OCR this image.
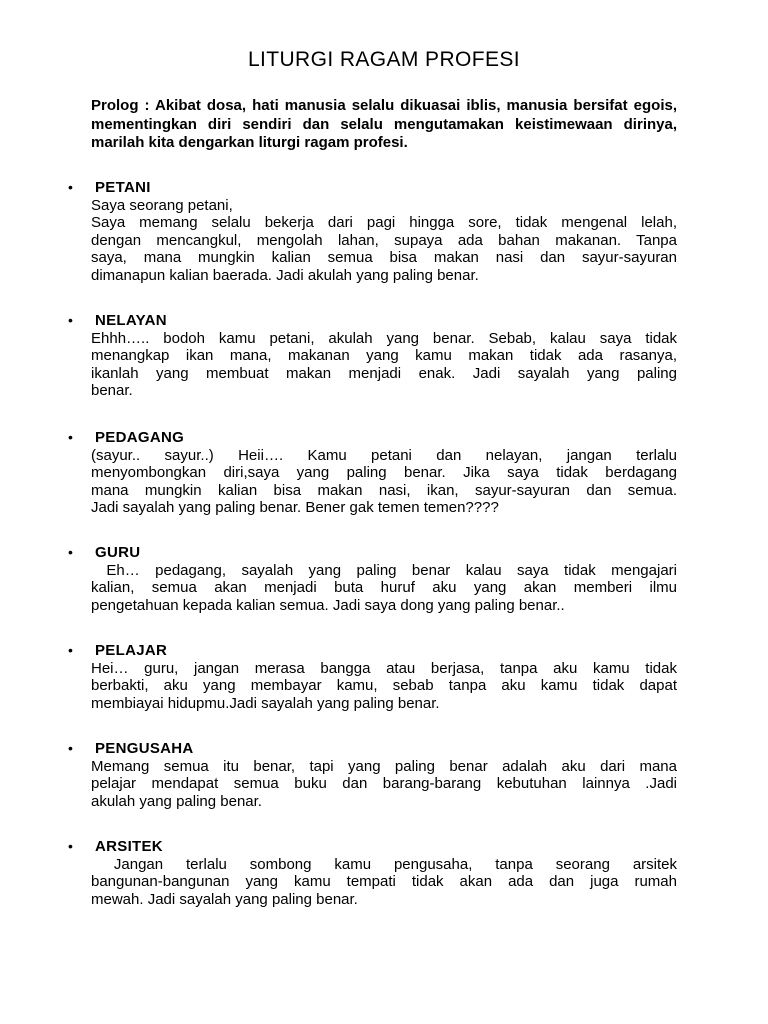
LITURGI RAGAM PROFESI

Prolog : Akibat dosa, hati manusia selalu dikuasai iblis, manusia bersifat egois, mementingkan diri sendiri dan selalu mengutamakan keistimewaan dirinya, marilah kita dengarkan liturgi ragam profesi.

• PETANI

Saya seorang petani,
Saya memang selalu bekerja dari pagi hingga sore, tidak mengenal lelah,
dengan mencangkul, mengolah lahan, supaya ada bahan makanan. Tanpa
saya, mana mungkin kalian semua bisa makan nasi dan sayur-sayuran
dimanapun kalian baerada. Jadi akulah yang paling benar.

• NELAYAN

Ehhh….. bodoh kamu petani, akulah yang benar. Sebab, kalau saya tidak
menangkap ikan mana, makanan yang kamu makan tidak ada rasanya,
ikanlah yang membuat makan menjadi enak. Jadi sayalah yang paling
benar.

• PEDAGANG

(sayur.. sayur..) Heii…. Kamu petani dan nelayan, jangan terlalu
menyombongkan diri,saya yang paling benar. Jika saya tidak berdagang
mana mungkin kalian bisa makan nasi, ikan, sayur-sayuran dan semua.
Jadi sayalah yang paling benar. Bener gak temen temen????

• GURU

Eh… pedagang, sayalah yang paling benar kalau saya tidak mengajari
kalian, semua akan menjadi buta huruf aku yang akan memberi ilmu
pengetahuan kepada kalian semua. Jadi saya dong yang paling benar..

• PELAJAR

Hei… guru, jangan merasa bangga atau berjasa, tanpa aku kamu tidak
berbakti, aku yang membayar kamu, sebab tanpa aku kamu tidak dapat
membiayai hidupmu.Jadi sayalah yang paling benar.

• PENGUSAHA

Memang semua itu benar, tapi yang paling benar adalah aku dari mana
pelajar mendapat semua buku dan barang-barang kebutuhan lainnya .Jadi
akulah yang paling benar.

• ARSITEK

Jangan terlalu sombong kamu pengusaha, tanpa seorang arsitek
bangunan-bangunan yang kamu tempati tidak akan ada dan juga rumah
mewah. Jadi sayalah yang paling benar.
